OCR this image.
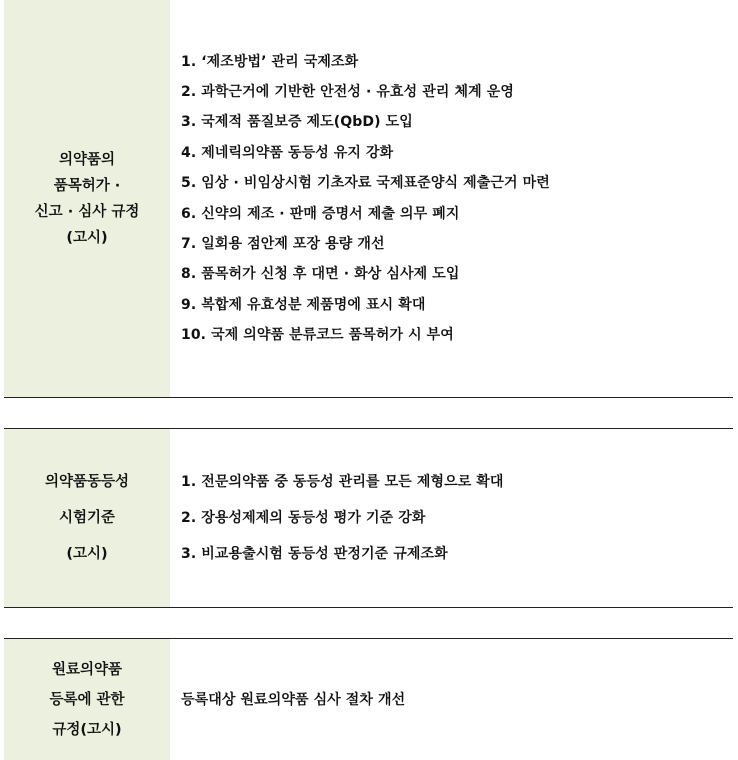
의약품의
품목허가 ·
신고 · 심사 규정
(고시)
1. ‘제조방법’ 관리 국제조화
2. 과학근거에 기반한 안전성 · 유효성 관리 체계 운영
3. 국제적 품질보증 제도(QbD) 도입
4. 제네릭의약품 동등성 유지 강화
5. 임상 · 비임상시험 기초자료 국제표준양식 제출근거 마련
6. 신약의 제조 · 판매 증명서 제출 의무 폐지
7. 일회용 점안제 포장 용량 개선
8. 품목허가 신청 후 대면 · 화상 심사제 도입
9. 복합제 유효성분 제품명에 표시 확대
10. 국제 의약품 분류코드 품목허가 시 부여
의약품동등성
시험기준
(고시)
1. 전문의약품 중 동등성 관리를 모든 제형으로 확대
2. 장용성제제의 동등성 평가 기준 강화
3. 비교용출시험 동등성 판정기준 규제조화
원료의약품
등록에 관한
규정(고시)
등록대상 원료의약품 심사 절차 개선
